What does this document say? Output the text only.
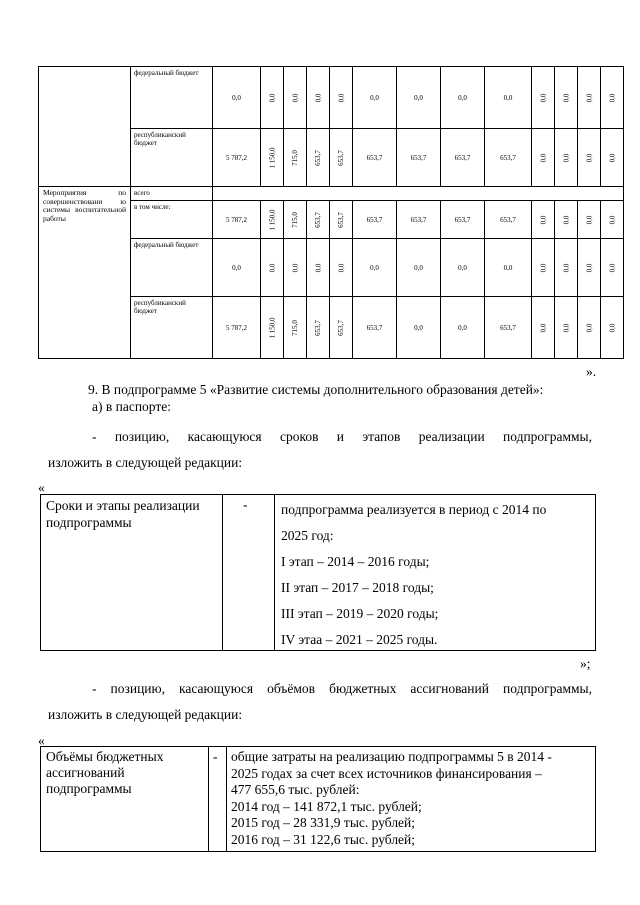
	федеральный бюджет	0,0	0,0	0,0	0,0	0,0	0,0	0,0	0,0	0,0	0,0	0,0	0,0	0,0
	республиканский бюджет	5 787,2	1 150,0	715,0	653,7	653,7	653,7	653,7	653,7	653,7	0,0	0,0	0,0	0,0
Мероприятия по совершенствовани ю системы воспитательной работы	всего													
	в том числе:	5 787,2	1 150,0	715,0	653,7	653,7	653,7	653,7	653,7	653,7	0,0	0,0	0,0	0,0
	федеральный бюджет	0,0	0,0	0,0	0,0	0,0	0,0	0,0	0,0	0,0	0,0	0,0	0,0	0,0
	республиканский бюджет	5 787,2	1 150,0	715,0	653,7	653,7	653,7	0,0	0,0	653,7	0,0	0,0	0,0	0,0
».
9. В подпрограмме 5 «Развитие системы дополнительного образования детей»:
а) в паспорте:
- позицию, касающуюся сроков и этапов реализации подпрограммы,
изложить в следующей редакции:
«
Сроки и этапы реализации подпрограммы
- подпрограмма реализуется в период с 2014 по
2025 год:
I этап – 2014 – 2016 годы;
II этап – 2017 – 2018 годы;
III этап – 2019 – 2020 годы;
IV этаа – 2021 – 2025 годы.
»;
- позицию, касающуюся объёмов бюджетных ассигнований подпрограммы,
изложить в следующей редакции:
«
Объёмы бюджетных ассигнований подпрограммы
- общие затраты на реализацию подпрограммы 5 в 2014 -
2025 годах за счет всех источников финансирования –
477 655,6 тыс. рублей:
2014 год – 141 872,1 тыс. рублей;
2015 год – 28 331,9 тыс. рублей;
2016 год – 31 122,6 тыс. рублей;
